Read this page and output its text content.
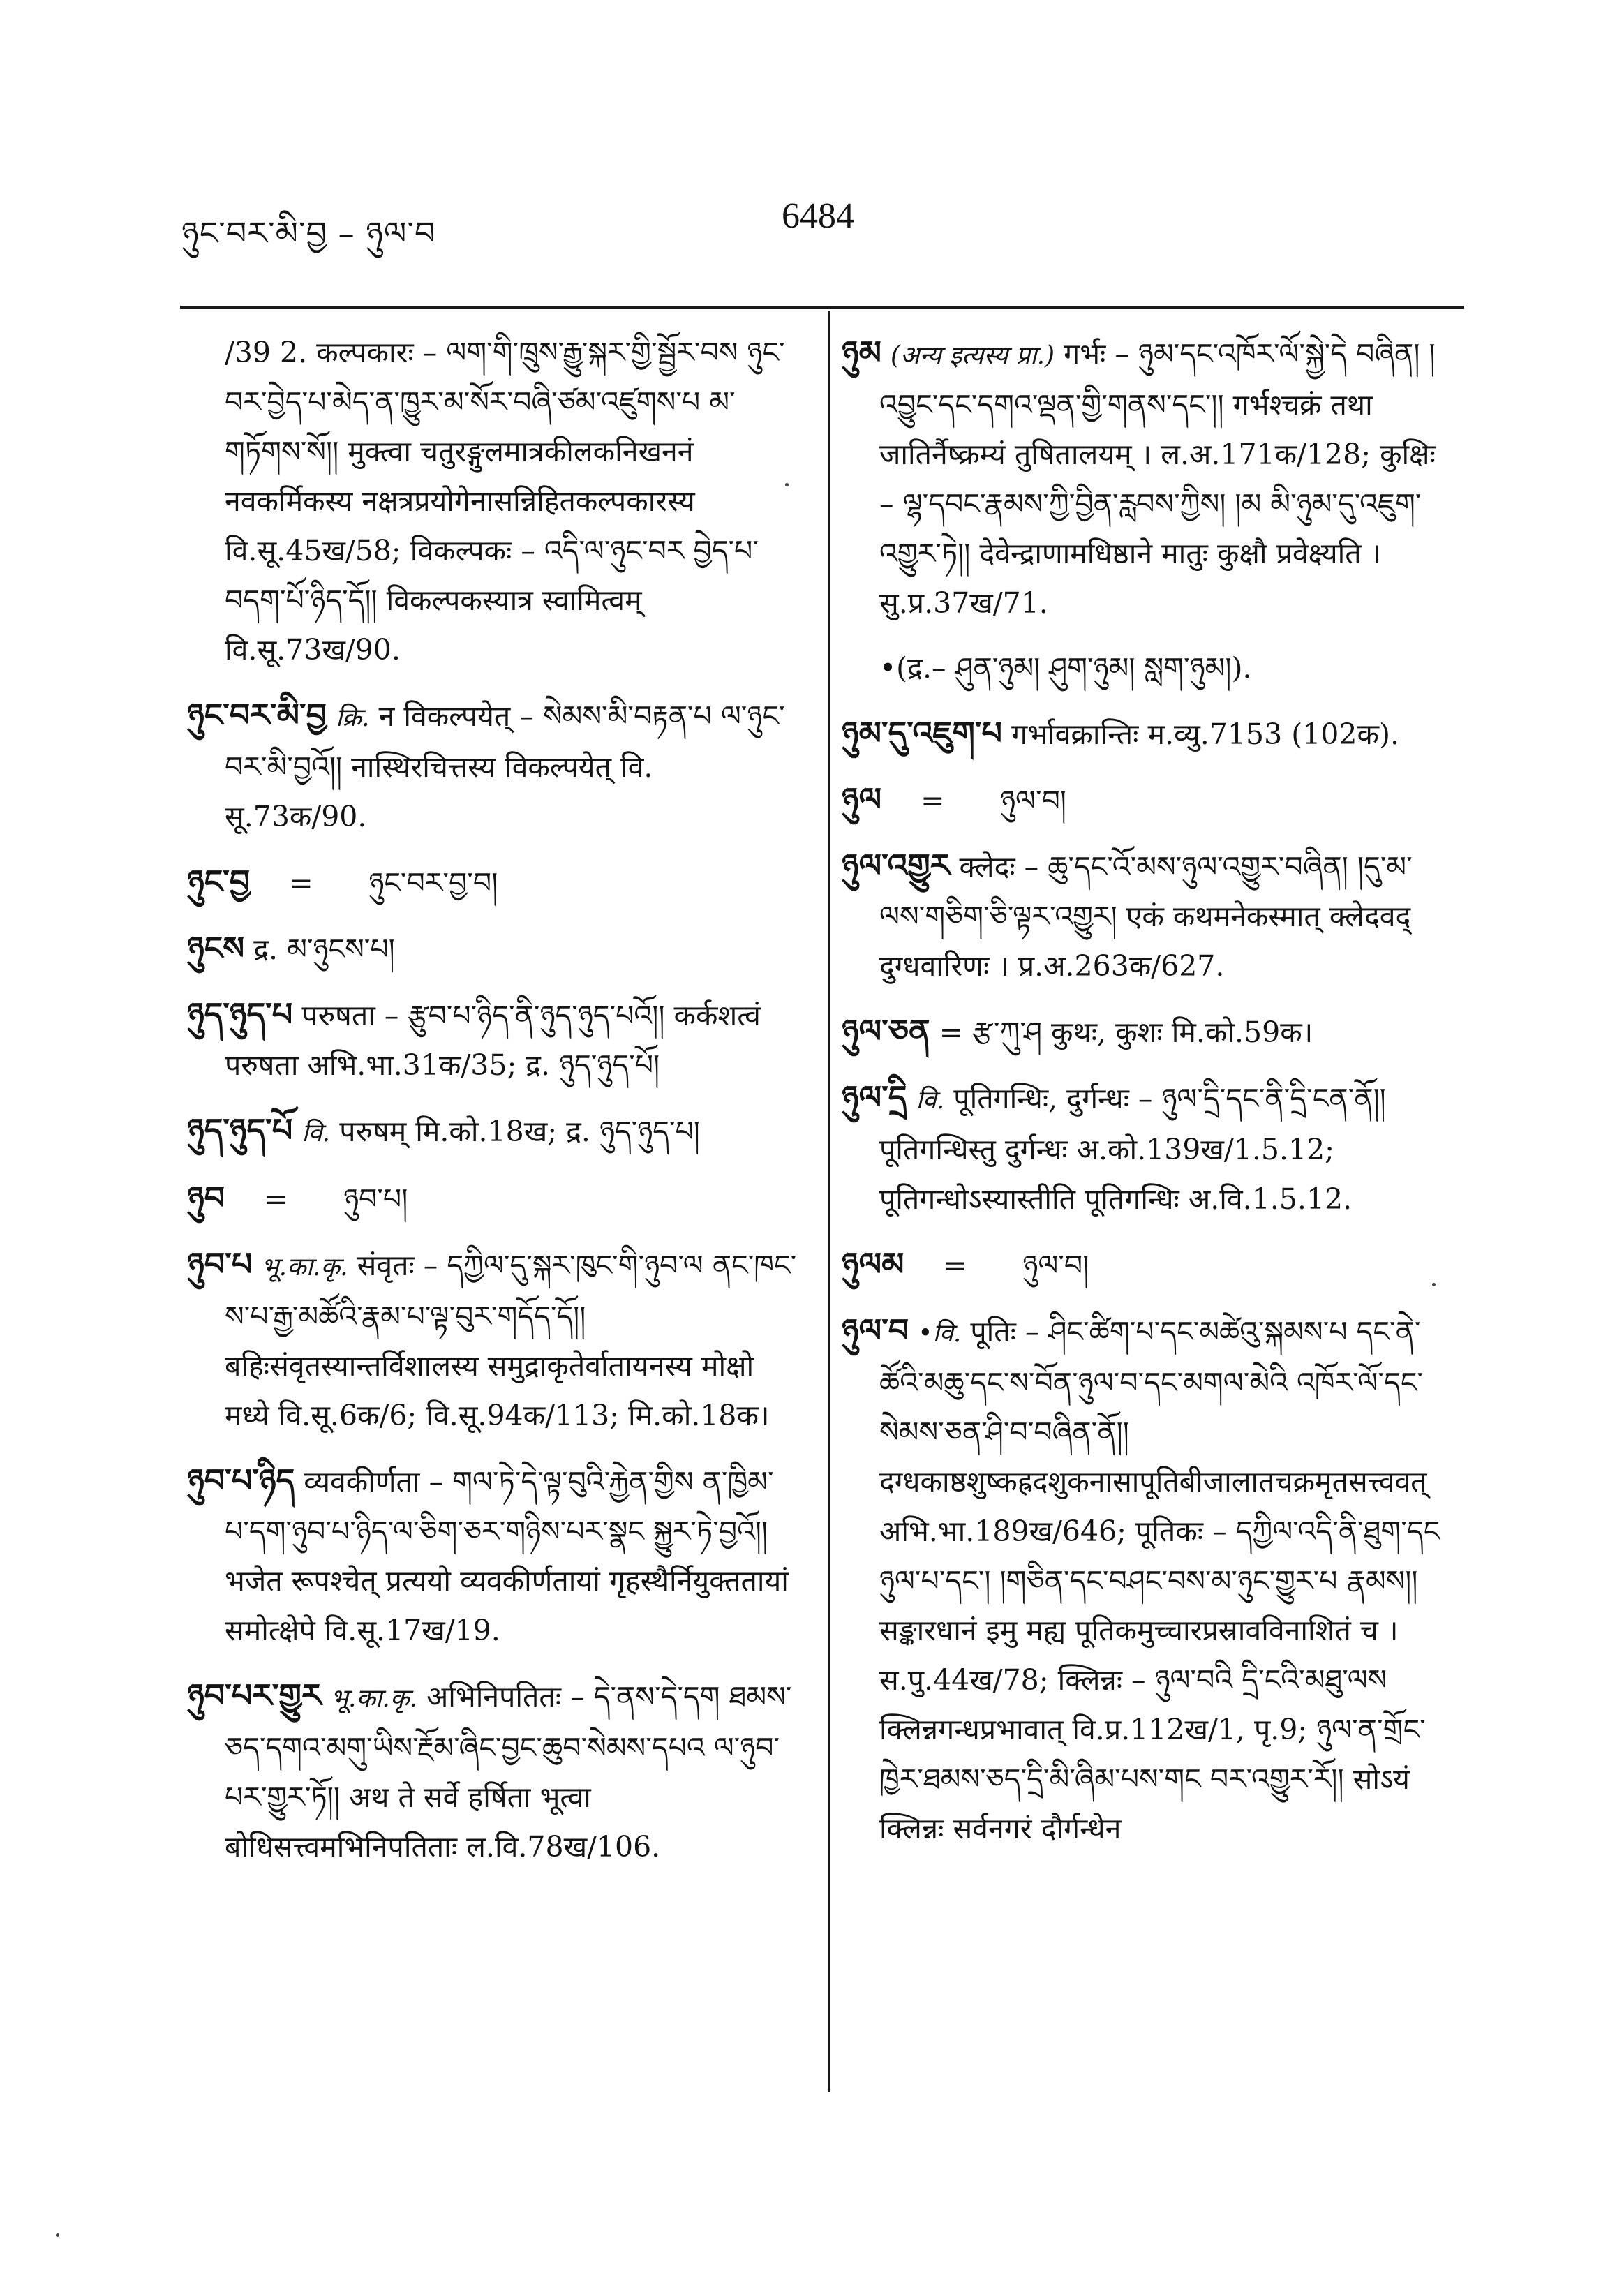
ཉུང་བར་མི་བྱ – ཉུལ་བ	6484
/39 2. कल्पकारः – ལག་གི་ཁྲུས་རྒྱུ་སྐར་གྱི་སྦྱོར་བས ཉུང་བར་བྱེད་པ་མེད་ན་ཁྱུར་མ་སོར་བཞི་ཙམ་འཛུགས་པ མ་གཏོགས་སོ།། मुक्त्वा चतुरङ्गुलमात्रकीलकनिखननं नवकर्मिकस्य नक्षत्रप्रयोगेनासन्निहितकल्पकारस्य वि.सू.45ख/58; विकल्पकः – འདི་ལ་ཉུང་བར བྱེད་པ་བདག་པོ་ཉིད་དོ།། विकल्पकस्यात्र स्वामित्वम् वि.सू.73ख/90.
ཉུང་བར་མི་བྱ क्रि. न विकल्पयेत् – སེམས་མི་བརྟན་པ ལ་ཉུང་བར་མི་བྱའོ།། नास्थिरचित्तस्य विकल्पयेत् वि. सू.73क/90.
ཉུང་བྱ = ཉུང་བར་བྱ་བ།
ཉུངས द्र. མ་ཉུངས་པ།
ཉུད་ཉུད་པ परुषता – རྩུབ་པ་ཉིད་ནི་ཉུད་ཉུད་པའོ།། कर्कशत्वं परुषता अभि.भा.31क/35; द्र. ཉུད་ཉུད་པོ།
ཉུད་ཉུད་པོ वि. परुषम् मि.को.18ख; द्र. ཉུད་ཉུད་པ།
ཉུབ = ཉུབ་པ།
ཉུབ་པ भू.का.कृ. संवृतः – དཀྱིལ་དུ་སྐར་ཁུང་གི་ཉུབ་ལ ནང་ཁང་ས་པ་རྒྱ་མཚོའི་རྣམ་པ་ལྟ་བུར་གདོད་དོ།། बहिःसंवृतस्यान्तर्विशालस्य समुद्राकृतेर्वातायनस्य मोक्षो मध्ये वि.सू.6क/6; वि.सू.94क/113; मि.को.18क।
ཉུབ་པ་ཉིད व्यवकीर्णता – གལ་ཏེ་དེ་ལྟ་བུའི་རྐྱེན་གྱིས ན་ཁྱིམ་པ་དག་ཉུབ་པ་ཉིད་ལ་ཅིག་ཅར་གཉིས་པར་སྣང སྐྱུར་ཏེ་བྱའོ།། भजेत रूपश्चेत् प्रत्ययो व्यवकीर्णतायां गृहस्थैर्नियुक्ततायां समोत्क्षेपे वि.सू.17ख/19.
ཉུབ་པར་གྱུར भू.का.कृ. अभिनिपतितः – དེ་ནས་དེ་དག ཐམས་ཅད་དགའ་མགུ་ཡིས་རྔོམ་ཞིང་བྱང་ཆུབ་སེམས་དཔའ ལ་ཉུབ་པར་གྱུར་ཏོ།། अथ ते सर्वे हर्षिता भूत्वा बोधिसत्त्वमभिनिपतिताः ल.वि.78ख/106.
ཉུམ (अन्य इत्यस्य प्रा.) गर्भः – ཉུམ་དང་འཁོར་ལོ་སྐྱེ་དེ བཞིན། །འབྱུང་དང་དགའ་ལྡན་གྱི་གནས་དང་།། गर्भश्चक्रं तथा जातिर्नैष्क्रम्यं तुषितालयम् । ल.अ.171क/128; कुक्षिः – ལྷ་དབང་རྣམས་ཀྱི་བྱིན་རླབས་ཀྱིས། །མ མི་ཉུམ་དུ་འཇུག་འགྱུར་ཏེ།། देवेन्द्राणामधिष्ठाने मातुः कुक्षौ प्रवेक्ष्यति । सु.प्र.37ख/71.
•(द्र.– ཤུན་ཉུམ། ཤུག་ཉུམ། སླག་ཉུམ།).
ཉུམ་དུ་འཇུག་པ गर्भावक्रान्तिः म.व्यु.7153 (102क).
ཉུལ = ཉུལ་བ།
ཉུལ་འགྱུར क्लेदः – ཆུ་དང་འོ་མས་ཉུལ་འགྱུར་བཞིན། །དུ་མ་ལས་གཅིག་ཅི་ལྟར་འགྱུར། एकं कथमनेकस्मात् क्लेदवद् दुग्धवारिणः । प्र.अ.263क/627.
ཉུལ་ཅན = རྩ་ཀུ་ཤ कुथः, कुशः मि.को.59क।
ཉུལ་དྲི वि. पूतिगन्धिः, दुर्गन्धः – ཉུལ་དྲི་དང་ནི་དྲི་ངན་ནོ།། पूतिगन्धिस्तु दुर्गन्धः अ.को.139ख/1.5.12; पूतिगन्धोऽस्यास्तीति पूतिगन्धिः अ.वि.1.5.12.
ཉུལམ = ཉུལ་བ།
ཉུལ་བ •वि. पूतिः – ཤིང་ཚིག་པ་དང་མཚེའུ་སྐམས་པ དང་ནེ་ཚོའི་མཆུ་དང་ས་བོན་ཉུལ་བ་དང་མགལ་མེའི འཁོར་ལོ་དང་སེམས་ཅན་ཤི་བ་བཞིན་ནོ།། दग्धकाष्ठशुष्कह्रदशुकनासापूतिबीजालातचक्रमृतसत्त्ववत् अभि.भा.189ख/646; पूतिकः – དཀྱིལ་འདི་ནི་ཐུག་དང ཉུལ་པ་དང་། །གཅིན་དང་བཤང་བས་མ་ཉུང་གྱུར་པ རྣམས།། सङ्कारधानं इमु मह्य पूतिकमुच्चारप्रस्रावविनाशितं च । स.पु.44ख/78; क्लिन्नः – ཉུལ་བའི དྲི་ངའི་མཐུ་ལས क्लिन्नगन्धप्रभावात् वि.प्र.112ख/1, पृ.9; ཉུལ་ན་གྲོང་ཁྱེར་ཐམས་ཅད་དྲི་མི་ཞིམ་པས་གང བར་འགྱུར་རོ།། सोऽयं क्लिन्नः सर्वनगरं दौर्गन्धेन
